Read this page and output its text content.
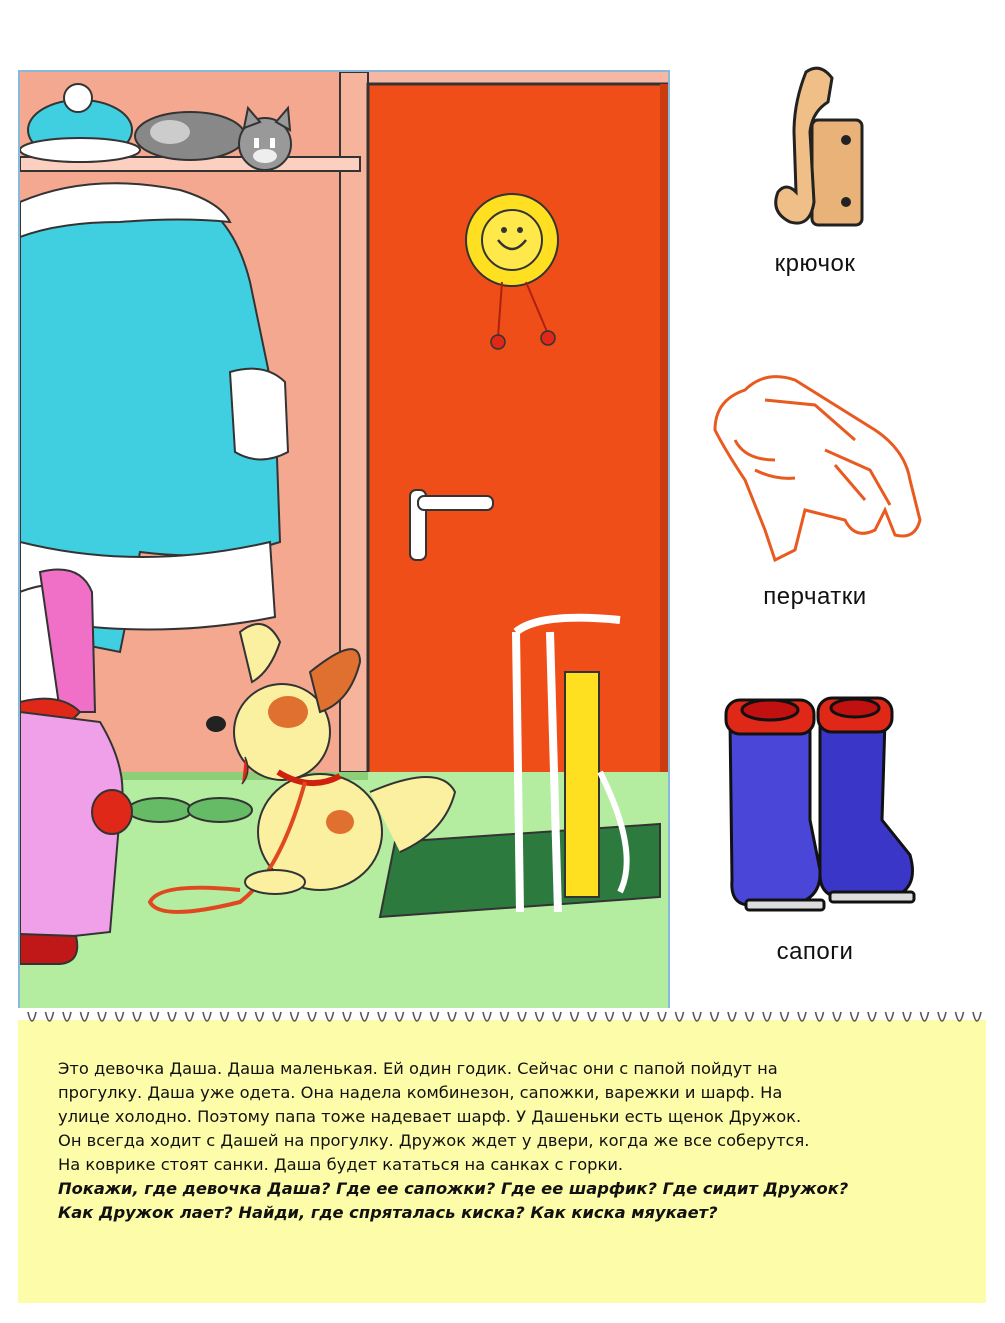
крючок
перчатки
сапоги

Это девочка Даша. Даша маленькая. Ей один годик. Сейчас они с папой пойдут на

прогулку. Даша уже одета. Она надела комбинезон, сапожки, варежки и шарф. На

улице холодно. Поэтому папа тоже надевает шарф. У Дашеньки есть щенок Дружок.

Он всегда ходит с Дашей на прогулку. Дружок ждет у двери, когда же все соберутся.

На коврике стоят санки. Даша будет кататься на санках с горки.

Покажи, где девочка Даша? Где ее сапожки? Где ее шарфик? Где сидит Дружок?

Как Дружок лает? Найди, где спряталась киска? Как киска мяукает?
